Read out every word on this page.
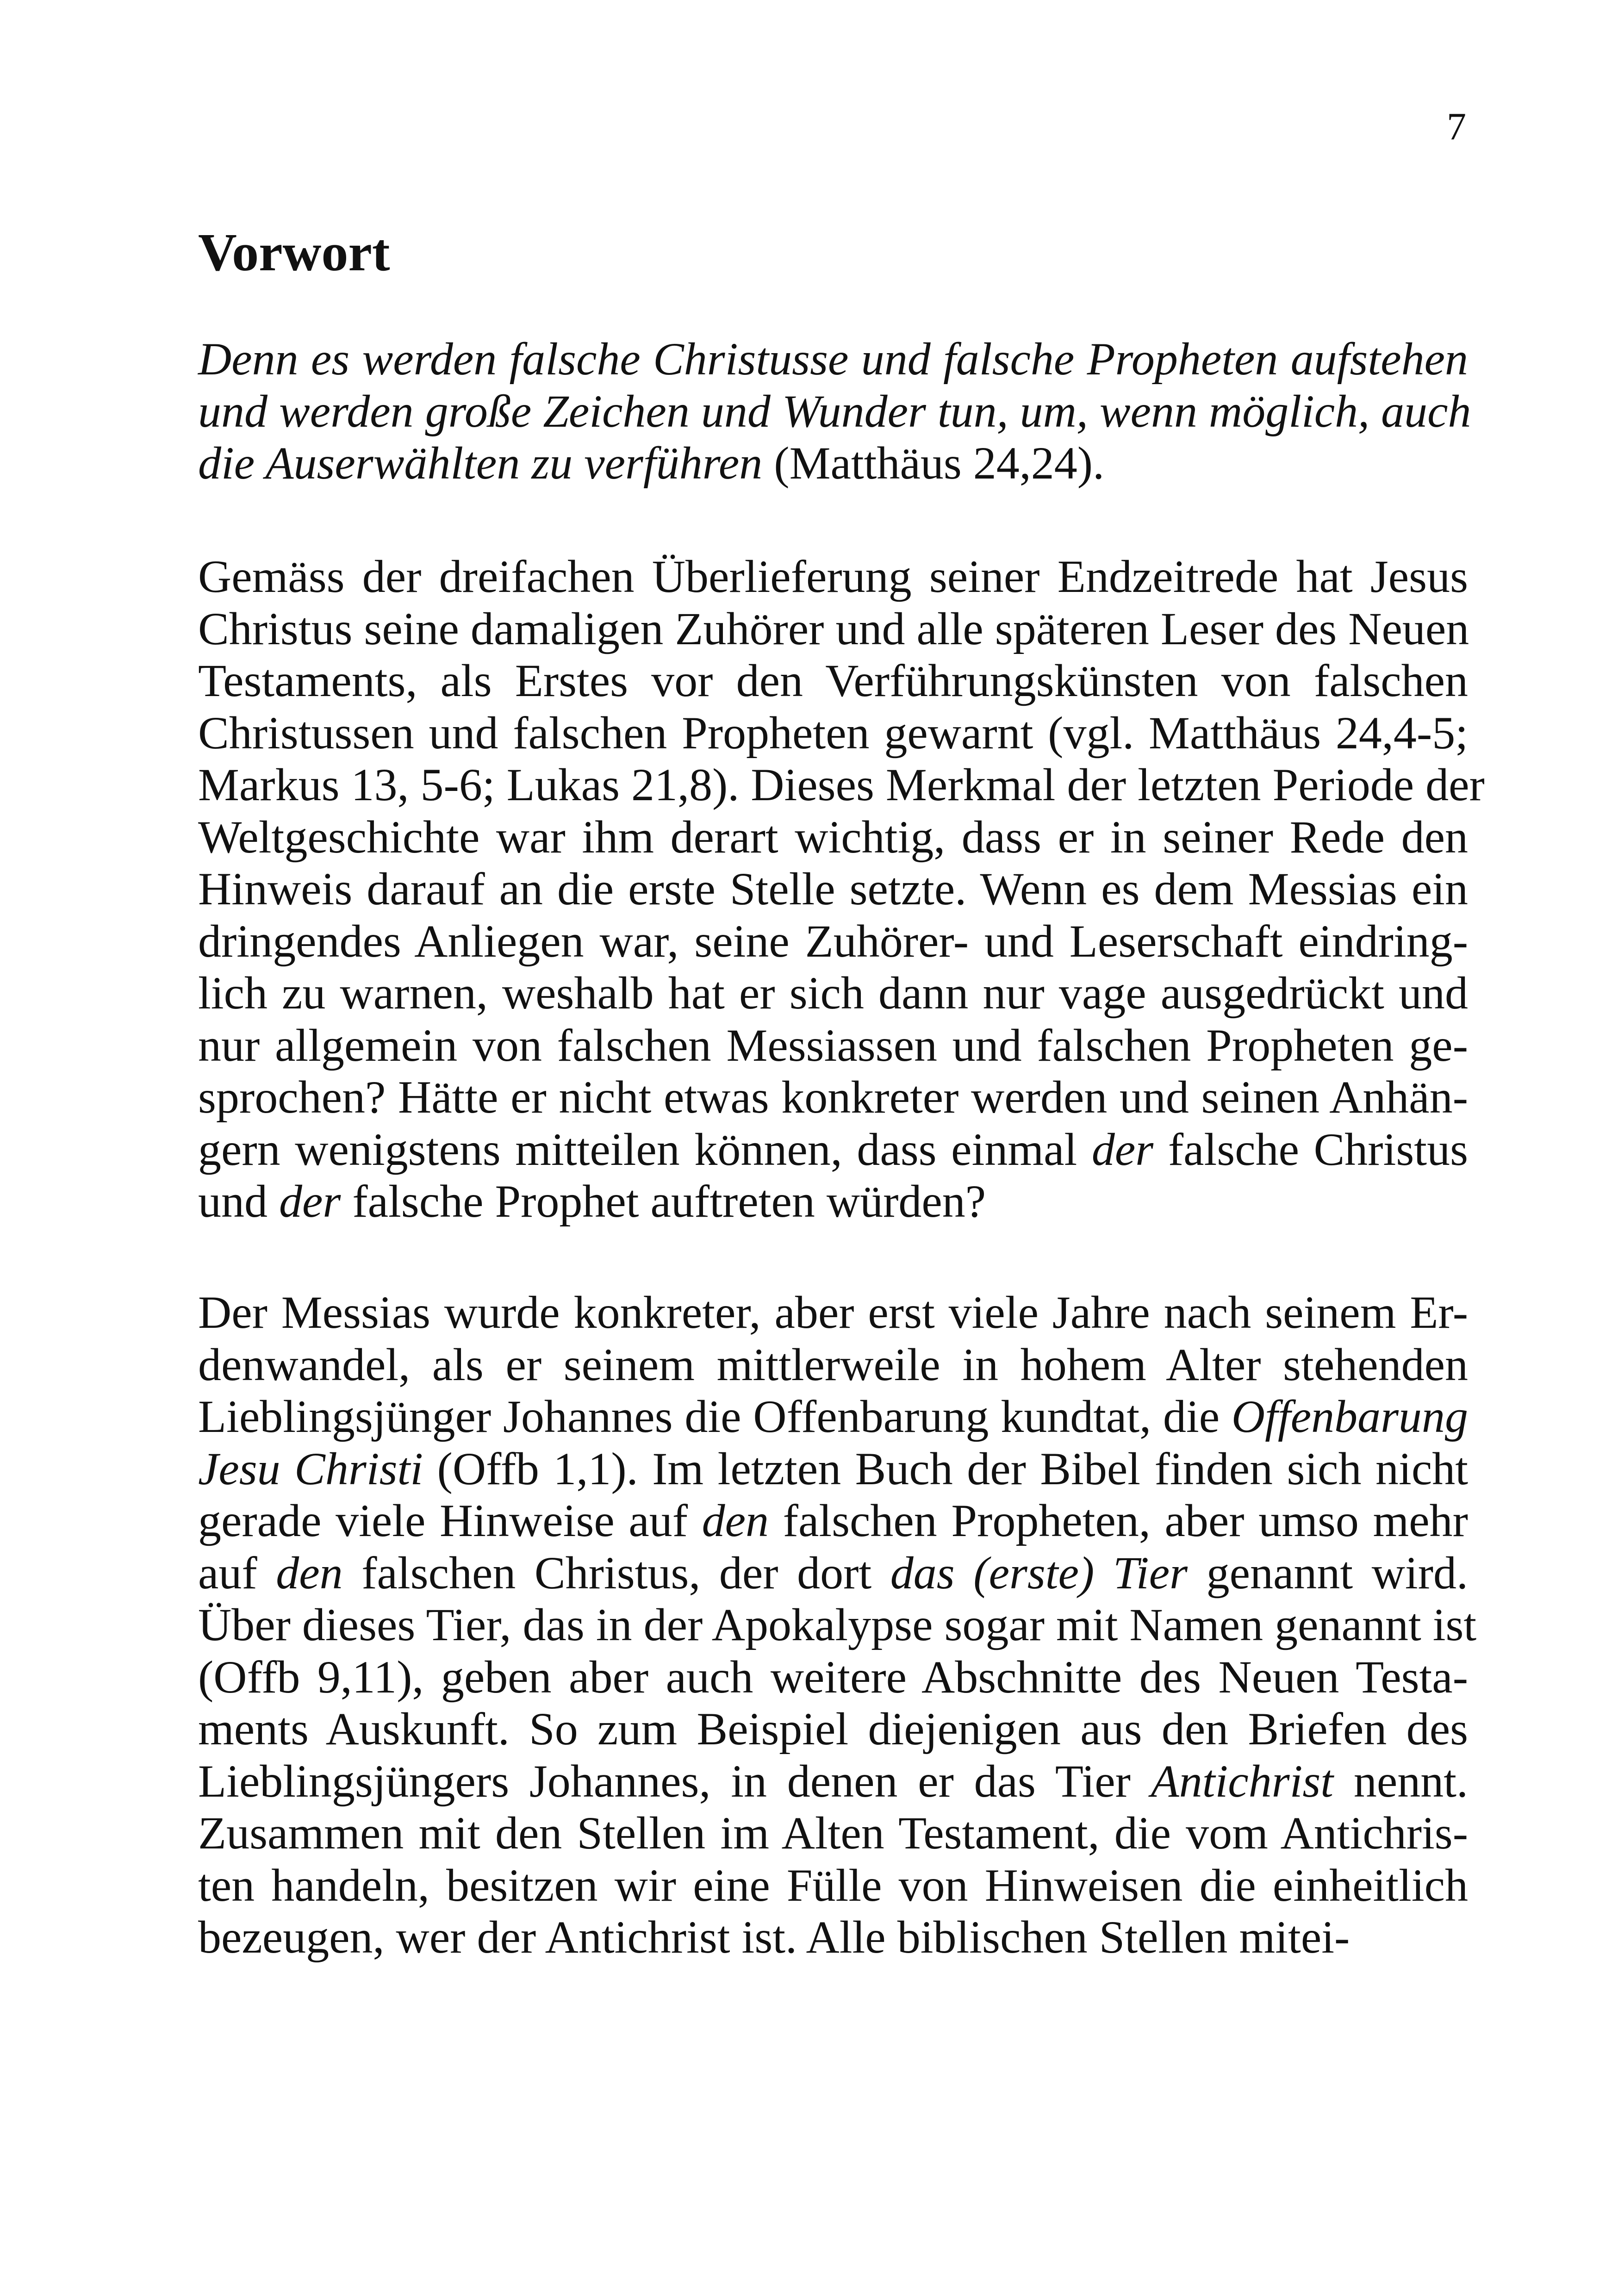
7
Vorwort
Denn es werden falsche Christusse und falsche Propheten aufstehen
und werden große Zeichen und Wunder tun, um, wenn möglich, auch
die Auserwählten zu verführen (Matthäus 24,24).
Gemäss der dreifachen Überlieferung seiner Endzeitrede hat Jesus
Christus seine damaligen Zuhörer und alle späteren Leser des Neuen
Testaments, als Erstes vor den Verführungskünsten von falschen
Christussen und falschen Propheten gewarnt (vgl. Matthäus 24,4-5;
Markus 13, 5-6; Lukas 21,8). Dieses Merkmal der letzten Periode der
Weltgeschichte war ihm derart wichtig, dass er in seiner Rede den
Hinweis darauf an die erste Stelle setzte. Wenn es dem Messias ein
dringendes Anliegen war, seine Zuhörer- und Leserschaft eindring-
lich zu warnen, weshalb hat er sich dann nur vage ausgedrückt und
nur allgemein von falschen Messiassen und falschen Propheten ge-
sprochen? Hätte er nicht etwas konkreter werden und seinen Anhän-
gern wenigstens mitteilen können, dass einmal der falsche Christus
und der falsche Prophet auftreten würden?
Der Messias wurde konkreter, aber erst viele Jahre nach seinem Er-
denwandel, als er seinem mittlerweile in hohem Alter stehenden
Lieblingsjünger Johannes die Offenbarung kundtat, die Offenbarung
Jesu Christi (Offb 1,1). Im letzten Buch der Bibel finden sich nicht
gerade viele Hinweise auf den falschen Propheten, aber umso mehr
auf den falschen Christus, der dort das (erste) Tier genannt wird.
Über dieses Tier, das in der Apokalypse sogar mit Namen genannt ist
(Offb 9,11), geben aber auch weitere Abschnitte des Neuen Testa-
ments Auskunft. So zum Beispiel diejenigen aus den Briefen des
Lieblingsjüngers Johannes, in denen er das Tier Antichrist nennt.
Zusammen mit den Stellen im Alten Testament, die vom Antichris-
ten handeln, besitzen wir eine Fülle von Hinweisen die einheitlich
bezeugen, wer der Antichrist ist. Alle biblischen Stellen mitei-
